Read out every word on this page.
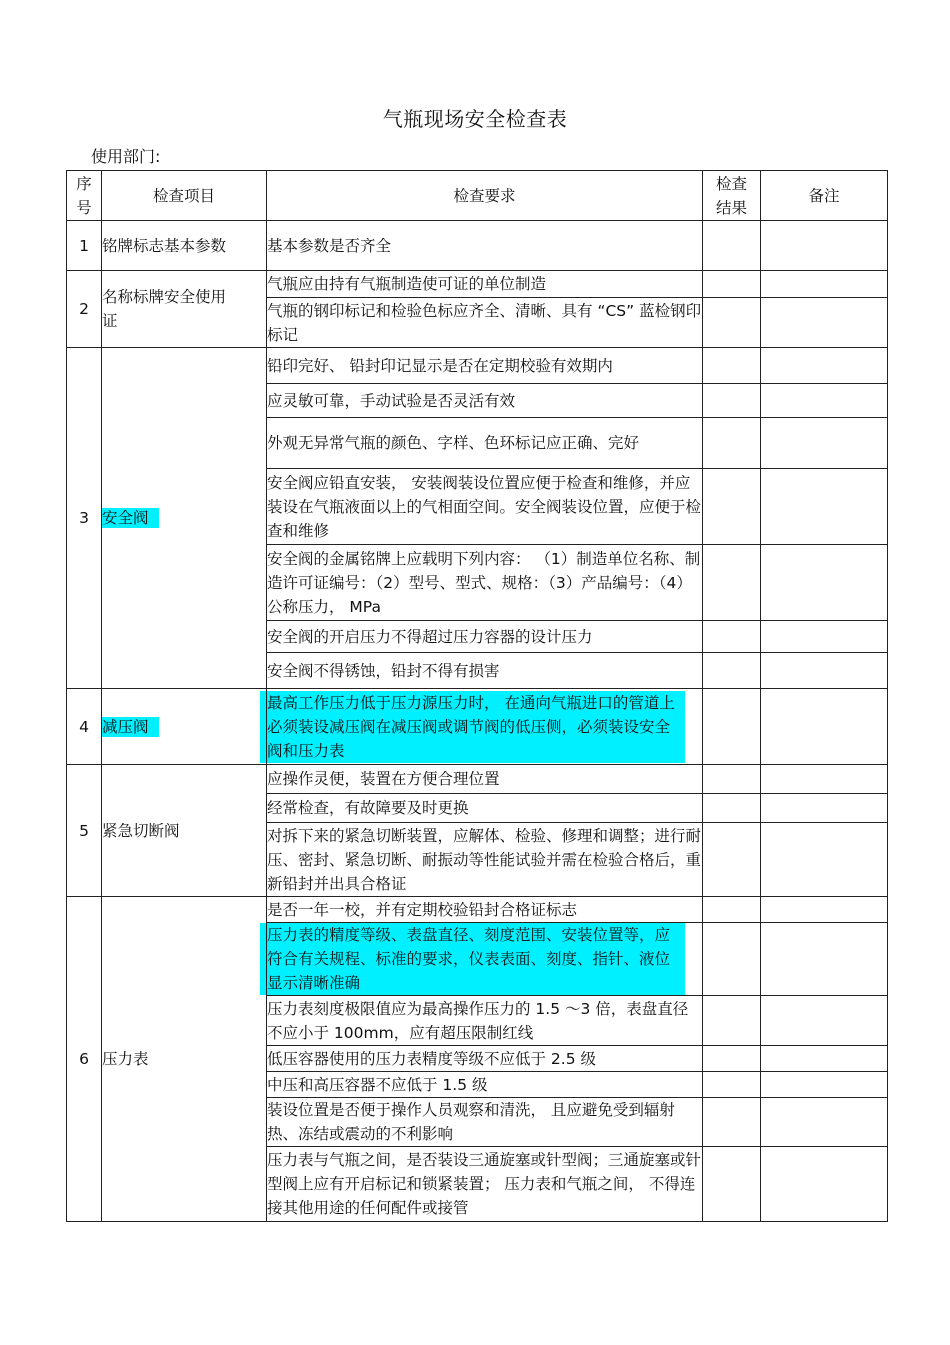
气瓶现场安全检查表
使用部门:
序
号	检查项目	检查要求	检查
结果	备注
1	铭牌标志基本参数	基本参数是否齐全		
2	名称标牌安全使用证	气瓶应由持有气瓶制造使可证的单位制造		
		气瓶的钢印标记和检验色标应齐全、清晰、具有 “CS” 蓝检钢印标记		
3	安全阀	铅印完好、 铅封印记显示是否在定期校验有效期内		
		应灵敏可靠，手动试验是否灵活有效		
		外观无异常气瓶的颜色、字样、色环标记应正确、完好		
		安全阀应铅直安装， 安装阀装设位置应便于检查和维修，并应装设在气瓶液面以上的气相面空间。安全阀装设位置，应便于检查和维修		
		安全阀的金属铭牌上应载明下列内容： （1）制造单位名称、制造许可证编号：（2）型号、型式、规格：（3）产品编号：（4）公称压力， MPa		
		安全阀的开启压力不得超过压力容器的设计压力		
		安全阀不得锈蚀，铅封不得有损害		
4	减压阀	最高工作压力低于压力源压力时， 在通向气瓶进口的管道上必须装设减压阀在减压阀或调节阀的低压侧，必须装设安全阀和压力表		

5	紧急切断阀	应操作灵便，装置在方便合理位置		
		经常检查，有故障要及时更换		
		对拆下来的紧急切断装置，应解体、检验、修理和调整；进行耐压、密封、紧急切断、耐振动等性能试验并需在检验合格后，重新铅封并出具合格证		
6	压力表	是否一年一校，并有定期校验铅封合格证标志		

		压力表的精度等级、表盘直径、刻度范围、安装位置等，应符合有关规程、标准的要求，仪表表面、刻度、指针、液位显示清晰准确		

		压力表刻度极限值应为最高操作压力的 1.5 ～3 倍，表盘直径不应小于 100mm，应有超压限制红线		
		低压容器使用的压力表精度等级不应低于 2.5 级		
		中压和高压容器不应低于 1.5 级		
		装设位置是否便于操作人员观察和清洗， 且应避免受到辐射热、冻结或震动的不利影响		
		压力表与气瓶之间，是否装设三通旋塞或针型阀；三通旋塞或针型阀上应有开启标记和锁紧装置； 压力表和气瓶之间， 不得连接其他用途的任何配件或接管		
